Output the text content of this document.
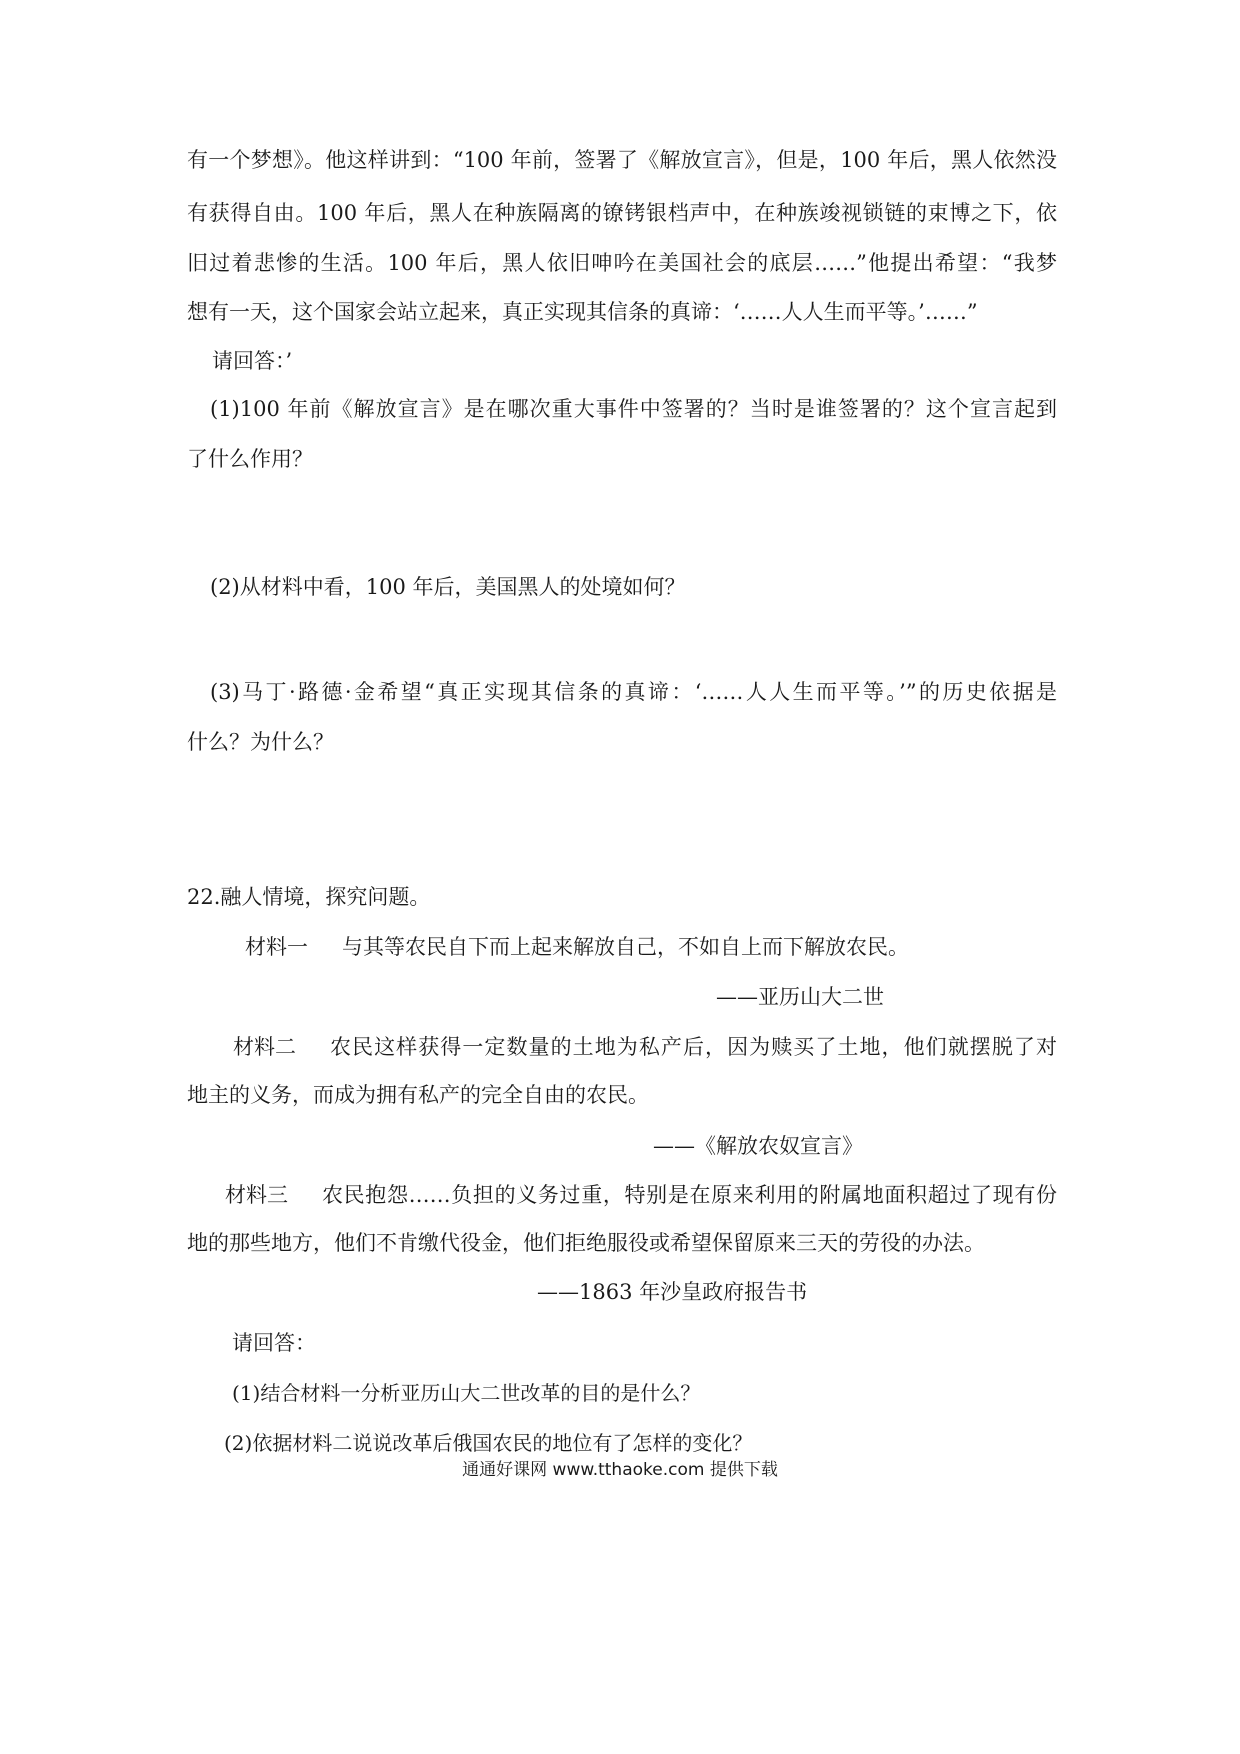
有一个梦想》。他这样讲到：“100 年前，签署了《解放宣言》，但是，100 年后，黑人依然没
有获得自由。100 年后，黑人在种族隔离的镣铐银档声中，在种族竣视锁链的束博之下，依
旧过着悲惨的生活。100 年后，黑人依旧呻吟在美国社会的底层……”他提出希望：“我梦
想有一天，这个国家会站立起来，真正实现其信条的真谛：‘……人人生而平等。’……”
请回答：’
(1)100 年前《解放宣言》是在哪次重大事件中签署的？当时是谁签署的？这个宣言起到
了什么作用？
(2)从材料中看，100 年后，美国黑人的处境如何？
(3)马丁·路德·金希望“真正实现其信条的真谛：‘……人人生而平等。’”的历史依据是
什么？为什么？
22.融人情境，探究问题。
材料一 与其等农民自下而上起来解放自己，不如自上而下解放农民。
——亚历山大二世
材料二 农民这样获得一定数量的土地为私产后，因为赎买了土地，他们就摆脱了对
地主的义务，而成为拥有私产的完全自由的农民。
——《解放农奴宣言》
材料三 农民抱怨……负担的义务过重，特别是在原来利用的附属地面积超过了现有份
地的那些地方，他们不肯缴代役金，他们拒绝服役或希望保留原来三天的劳役的办法。
——1863 年沙皇政府报告书
请回答：
(1)结合材料一分析亚历山大二世改革的目的是什么？
(2)依据材料二说说改革后俄国农民的地位有了怎样的变化？
通通好课网 www.tthaoke.com 提供下载
